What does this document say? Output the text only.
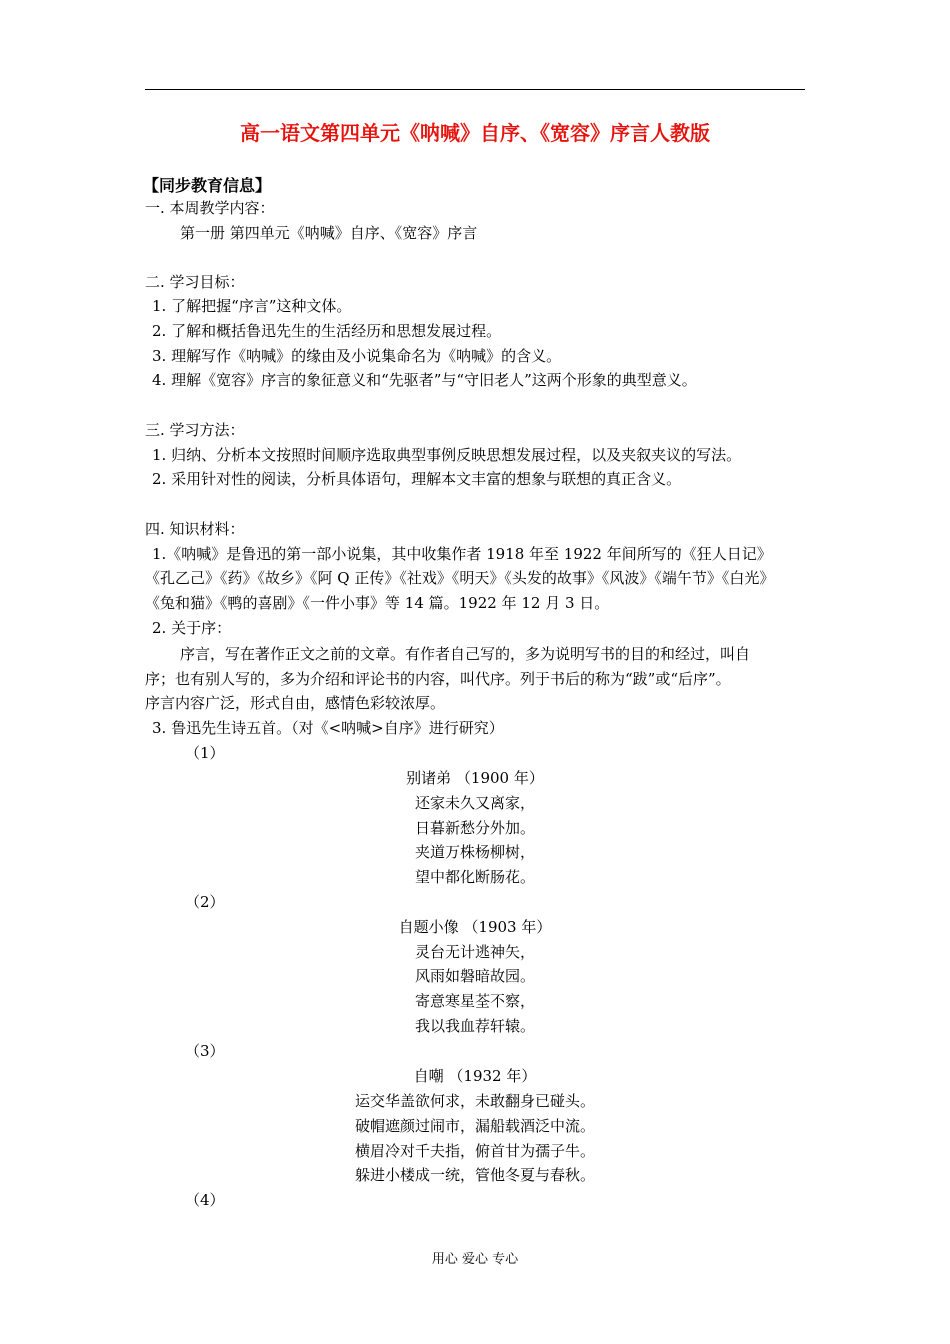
高一语文第四单元《呐喊》自序、《宽容》序言人教版
【同步教育信息】
一. 本周教学内容：
第一册 第四单元《呐喊》自序、《宽容》序言
二. 学习目标：
1. 了解把握“序言”这种文体。
2. 了解和概括鲁迅先生的生活经历和思想发展过程。
3. 理解写作《呐喊》的缘由及小说集命名为《呐喊》的含义。
4. 理解《宽容》序言的象征意义和“先驱者”与“守旧老人”这两个形象的典型意义。
三. 学习方法：
1. 归纳、分析本文按照时间顺序选取典型事例反映思想发展过程，以及夹叙夹议的写法。
2. 采用针对性的阅读，分析具体语句，理解本文丰富的想象与联想的真正含义。
四. 知识材料：
1.《呐喊》是鲁迅的第一部小说集，其中收集作者 1918 年至 1922 年间所写的《狂人日记》
《孔乙己》《药》《故乡》《阿 Q 正传》《社戏》《明天》《头发的故事》《风波》《端午节》《白光》
《兔和猫》《鸭的喜剧》《一件小事》等 14 篇。1922 年 12 月 3 日。
2. 关于序：
序言，写在著作正文之前的文章。有作者自己写的，多为说明写书的目的和经过，叫自
序；也有别人写的，多为介绍和评论书的内容，叫代序。列于书后的称为“跋”或“后序”。
序言内容广泛，形式自由，感情色彩较浓厚。
3. 鲁迅先生诗五首。（对《<呐喊>自序》进行研究）
（1）
别诸弟 （1900 年）
还家未久又离家，
日暮新愁分外加。
夹道万株杨柳树，
望中都化断肠花。
（2）
自题小像 （1903 年）
灵台无计逃神矢，
风雨如磐暗故园。
寄意寒星荃不察，
我以我血荐轩辕。
（3）
自嘲 （1932 年）
运交华盖欲何求，未敢翻身已碰头。
破帽遮颜过闹市，漏船载酒泛中流。
横眉冷对千夫指，俯首甘为孺子牛。
躲进小楼成一统，管他冬夏与春秋。
（4）
用心 爱心 专心
